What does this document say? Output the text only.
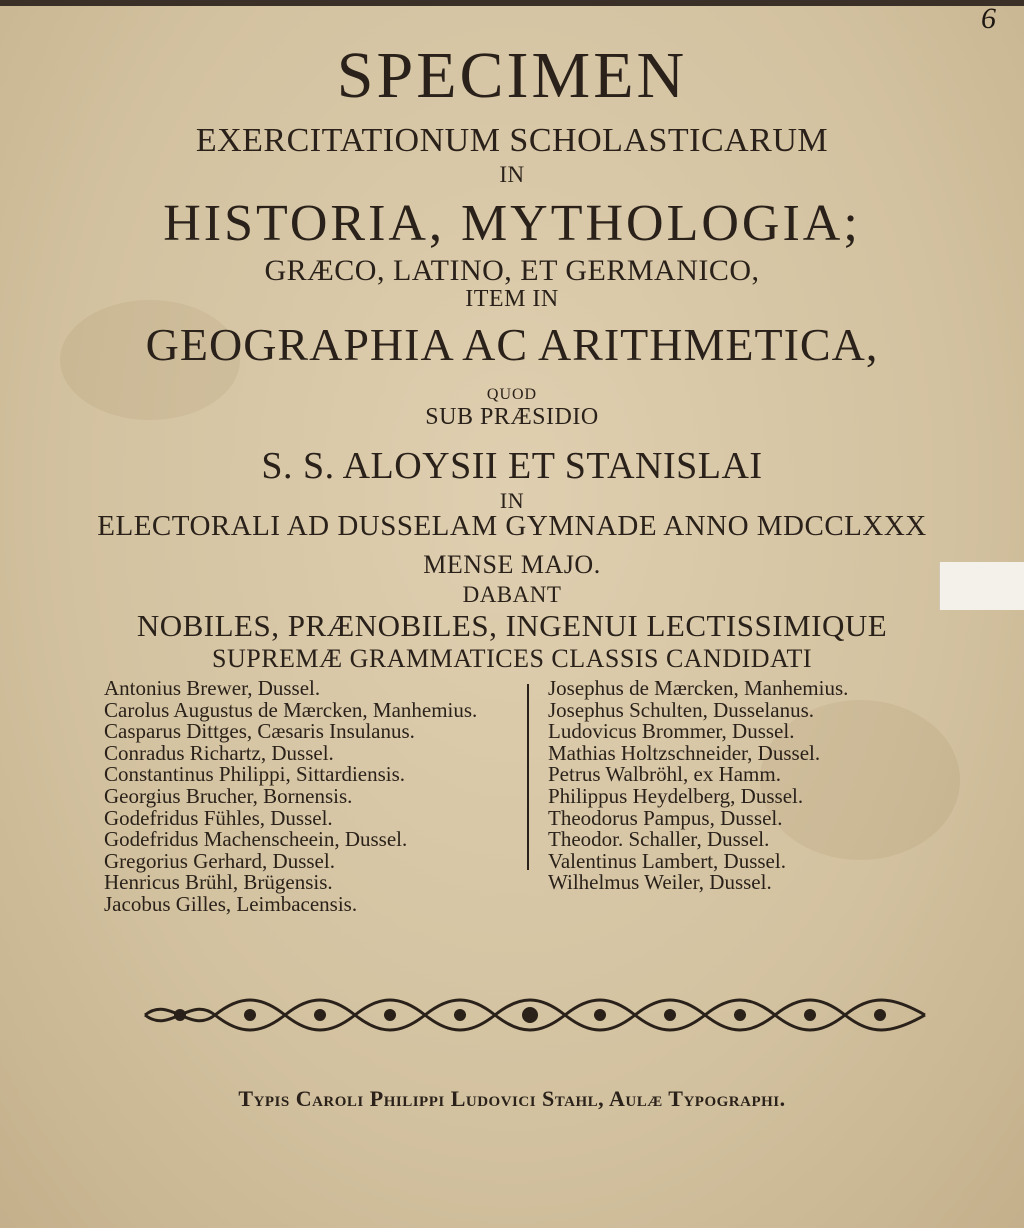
6
SPECIMEN
EXERCITATIONUM SCHOLASTICARUM
IN
HISTORIA, MYTHOLOGIA;
GRÆCO, LATINO, ET GERMANICO,
ITEM IN
GEOGRAPHIA AC ARITHMETICA,
QUOD
SUB PRÆSIDIO
S. S. ALOYSII ET STANISLAI
IN
ELECTORALI AD DUSSELAM GYMNADE ANNO MDCCLXXX
MENSE MAJO.
DABANT
NOBILES, PRÆNOBILES, INGENUI LECTISSIMIQUE
SUPREMÆ GRAMMATICES CLASSIS CANDIDATI
Antonius Brewer, Dussel.
Carolus Augustus de Mærcken, Manhemius.
Casparus Dittges, Cæsaris Insulanus.
Conradus Richartz, Dussel.
Constantinus Philippi, Sittardiensis.
Georgius Brucher, Bornensis.
Godefridus Fühles, Dussel.
Godefridus Machenscheein, Dussel.
Gregorius Gerhard, Dussel.
Henricus Brühl, Brügensis.
Jacobus Gilles, Leimbacensis.
Josephus de Mærcken, Manhemius.
Josephus Schulten, Dusselanus.
Ludovicus Brommer, Dussel.
Mathias Holtzschneider, Dussel.
Petrus Walbröhl, ex Hamm.
Philippus Heydelberg, Dussel.
Theodorus Pampus, Dussel.
Theodor. Schaller, Dussel.
Valentinus Lambert, Dussel.
Wilhelmus Weiler, Dussel.
Typis Caroli Philippi Ludovici Stahl, Aulæ Typographi.
